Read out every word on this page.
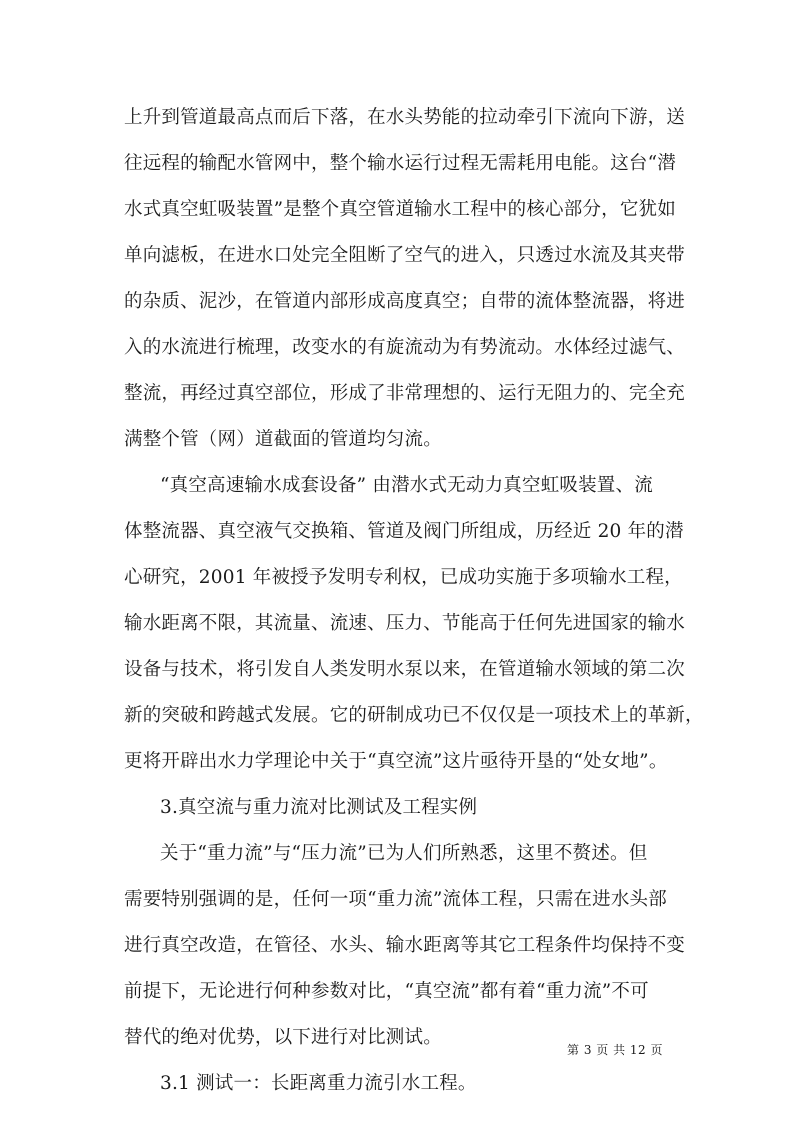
上升到管道最高点而后下落，在水头势能的拉动牵引下流向下游，送
往远程的输配水管网中，整个输水运行过程无需耗用电能。这台“潜
水式真空虹吸装置”是整个真空管道输水工程中的核心部分，它犹如
单向滤板，在进水口处完全阻断了空气的进入，只透过水流及其夹带
的杂质、泥沙，在管道内部形成高度真空；自带的流体整流器，将进
入的水流进行梳理，改变水的有旋流动为有势流动。水体经过滤气、
整流，再经过真空部位，形成了非常理想的、运行无阻力的、完全充
满整个管（网）道截面的管道均匀流。
“真空高速输水成套设备” 由潜水式无动力真空虹吸装置、流
体整流器、真空液气交换箱、管道及阀门所组成，历经近 20 年的潜
心研究，2001 年被授予发明专利权，已成功实施于多项输水工程，
输水距离不限，其流量、流速、压力、节能高于任何先进国家的输水
设备与技术，将引发自人类发明水泵以来，在管道输水领域的第二次
新的突破和跨越式发展。它的研制成功已不仅仅是一项技术上的革新，
更将开辟出水力学理论中关于“真空流”这片亟待开垦的“处女地”。
3.真空流与重力流对比测试及工程实例
关于“重力流”与“压力流”已为人们所熟悉，这里不赘述。但
需要特别强调的是，任何一项“重力流”流体工程，只需在进水头部
进行真空改造，在管径、水头、输水距离等其它工程条件均保持不变
前提下，无论进行何种参数对比，“真空流”都有着“重力流”不可
替代的绝对优势，以下进行对比测试。
3.1 测试一：长距离重力流引水工程。
第 3 页 共 12 页
